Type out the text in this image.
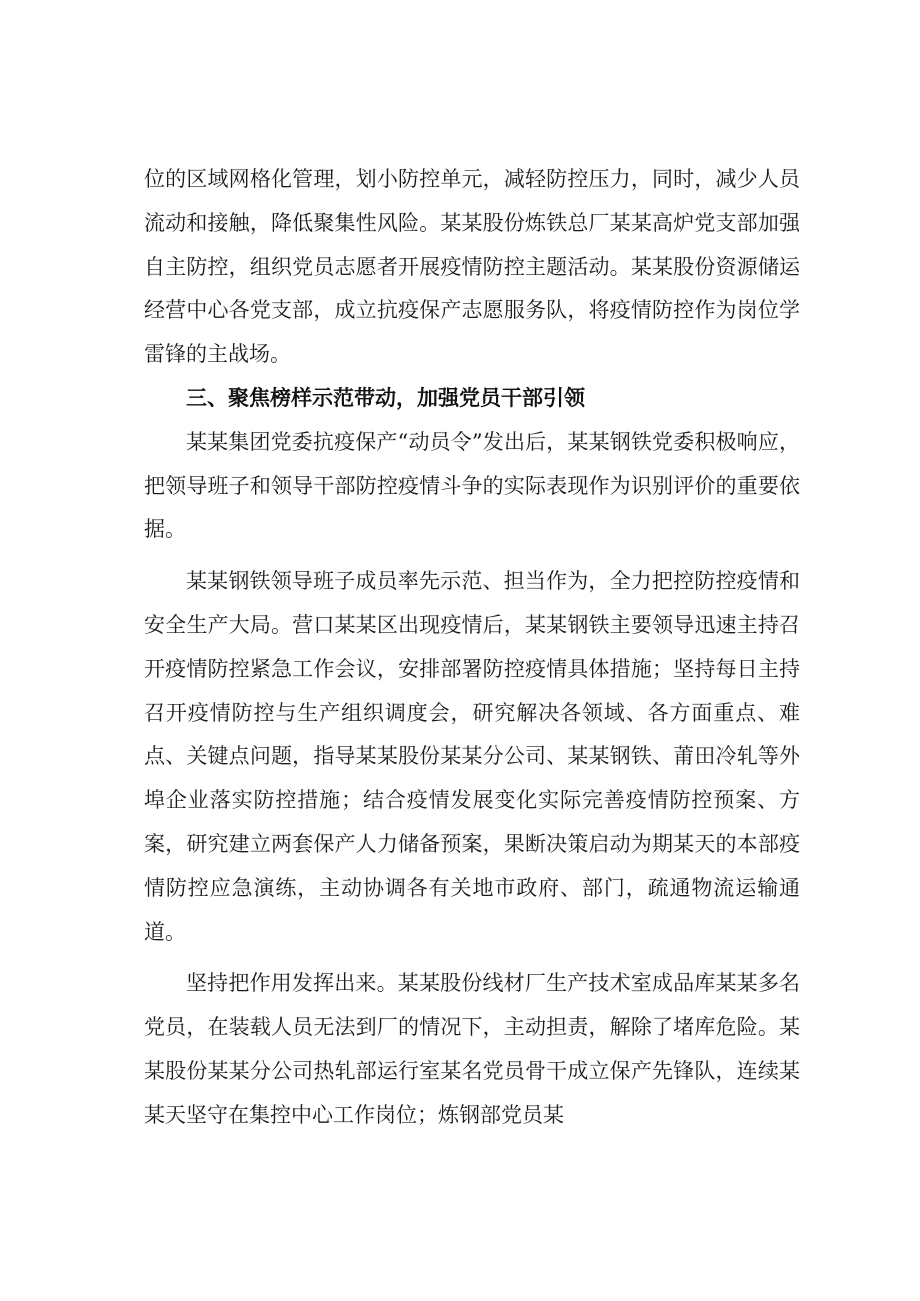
位的区域网格化管理，划小防控单元，减轻防控压力，同时，减少人员流动和接触，降低聚集性风险。某某股份炼铁总厂某某高炉党支部加强自主防控，组织党员志愿者开展疫情防控主题活动。某某股份资源储运经营中心各党支部，成立抗疫保产志愿服务队，将疫情防控作为岗位学雷锋的主战场。

三、聚焦榜样示范带动，加强党员干部引领

某某集团党委抗疫保产“动员令”发出后，某某钢铁党委积极响应，把领导班子和领导干部防控疫情斗争的实际表现作为识别评价的重要依据。

某某钢铁领导班子成员率先示范、担当作为，全力把控防控疫情和安全生产大局。营口某某区出现疫情后，某某钢铁主要领导迅速主持召开疫情防控紧急工作会议，安排部署防控疫情具体措施；坚持每日主持召开疫情防控与生产组织调度会，研究解决各领域、各方面重点、难点、关键点问题，指导某某股份某某分公司、某某钢铁、莆田冷轧等外埠企业落实防控措施；结合疫情发展变化实际完善疫情防控预案、方案，研究建立两套保产人力储备预案，果断决策启动为期某天的本部疫情防控应急演练，主动协调各有关地市政府、部门，疏通物流运输通道。

坚持把作用发挥出来。某某股份线材厂生产技术室成品库某某多名党员，在装载人员无法到厂的情况下，主动担责，解除了堵库危险。某某股份某某分公司热轧部运行室某名党员骨干成立保产先锋队，连续某某天坚守在集控中心工作岗位；炼钢部党员某
